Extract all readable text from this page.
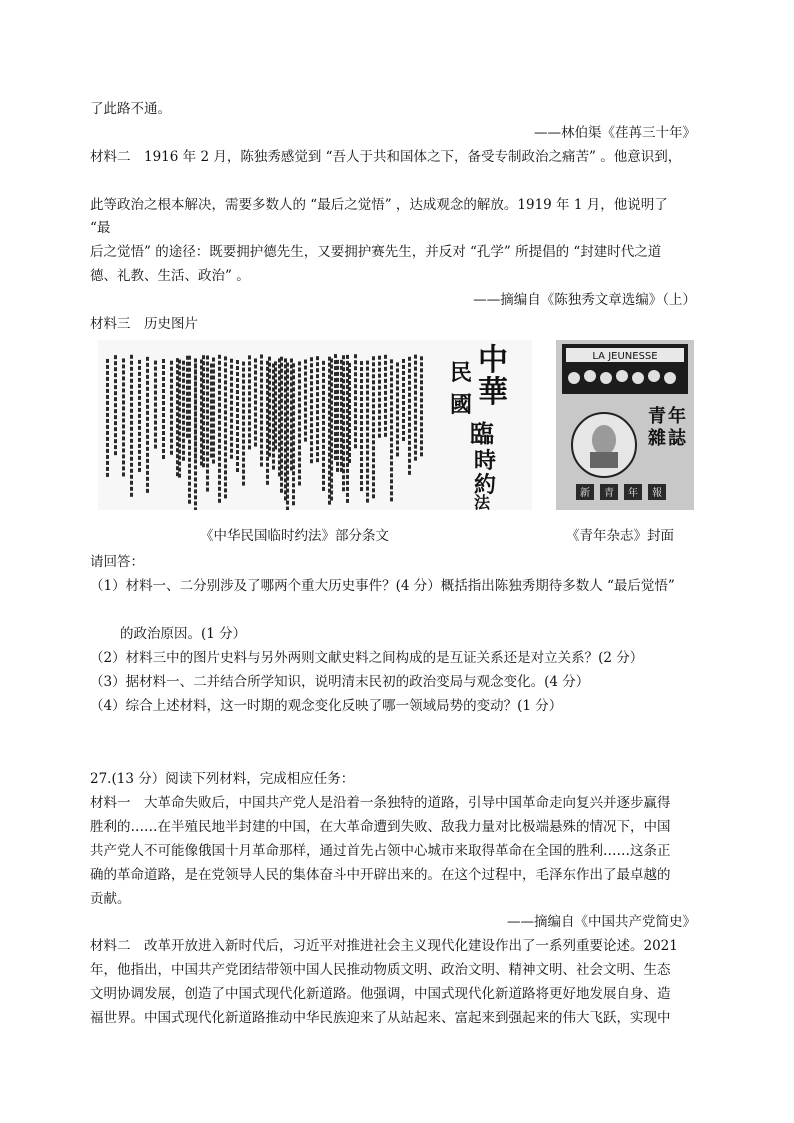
了此路不通。
——林伯渠《荏苒三十年》
材料二　1916 年 2 月，陈独秀感觉到 “吾人于共和国体之下，备受专制政治之痛苦” 。他意识到，
此等政治之根本解决，需要多数人的 “最后之觉悟” ，达成观念的解放。1919 年 1 月，他说明了
“最
后之觉悟” 的途径：既要拥护德先生，又要拥护赛先生，并反对 “孔学” 所提倡的 “封建时代之道
德、礼教、生活、政治” 。
——摘编自《陈独秀文章选编》（上）
材料三　历史图片
中
華
民
國
臨
時
約
法
LA JEUNESSE
青 年
雜 誌
新 青 年 報
《中华民国临时约法》部分条文	《青年杂志》封面
请回答：
（1）材料一、二分别涉及了哪两个重大历史事件？(4 分）概括指出陈独秀期待多数人 “最后觉悟”
的政治原因。(1 分）
（2）材料三中的图片史料与另外两则文献史料之间构成的是互证关系还是对立关系？(2 分）
（3）据材料一、二并结合所学知识，说明清末民初的政治变局与观念变化。(4 分）
（4）综合上述材料，这一时期的观念变化反映了哪一领域局势的变动？(1 分）
27.(13 分）阅读下列材料，完成相应任务：
材料一　大革命失败后，中国共产党人是沿着一条独特的道路，引导中国革命走向复兴并逐步赢得
胜利的……在半殖民地半封建的中国，在大革命遭到失败、敌我力量对比极端悬殊的情况下，中国
共产党人不可能像俄国十月革命那样，通过首先占领中心城市来取得革命在全国的胜利……这条正
确的革命道路，是在党领导人民的集体奋斗中开辟出来的。在这个过程中，毛泽东作出了最卓越的
贡献。
——摘编自《中国共产党简史》
材料二　改革开放进入新时代后，习近平对推进社会主义现代化建设作出了一系列重要论述。2021
年，他指出，中国共产党团结带领中国人民推动物质文明、政治文明、精神文明、社会文明、生态
文明协调发展，创造了中国式现代化新道路。他强调，中国式现代化新道路将更好地发展自身、造
福世界。中国式现代化新道路推动中华民族迎来了从站起来、富起来到强起来的伟大飞跃，实现中
